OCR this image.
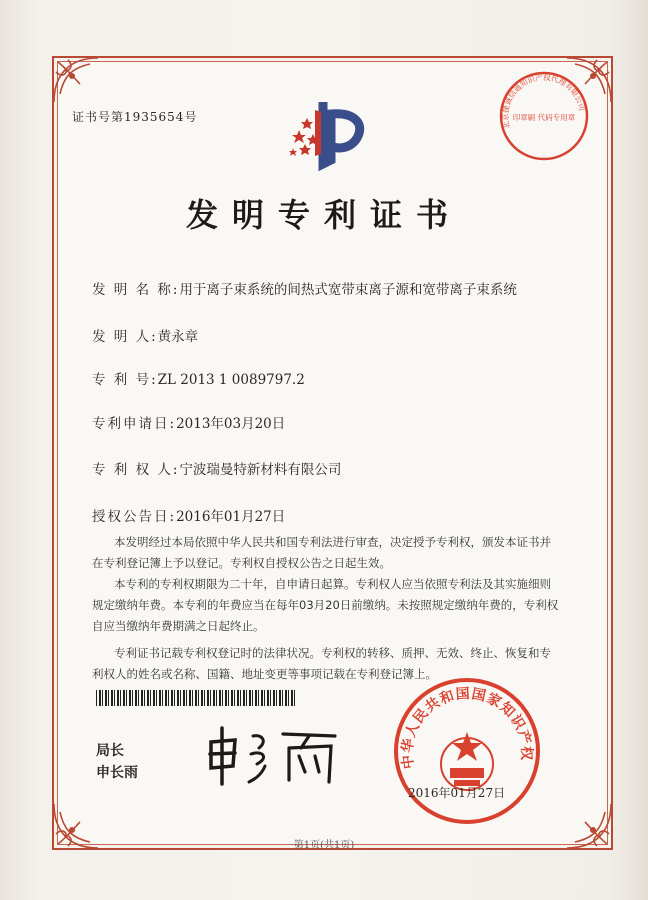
证书号第1935654号
发明专利证书
发 明 名 称:用于离子束系统的间热式宽带束离子源和宽带离子束系统
发 明 人:黄永章
专 利 号:ZL 2013 1 0089797.2
专利申请日:2013年03月20日
专 利 权 人:宁波瑞曼特新材料有限公司
授权公告日:2016年01月27日

本发明经过本局依照中华人民共和国专利法进行审查，决定授予专利权，颁发本证书并在专利登记簿上予以登记。专利权自授权公告之日起生效。

本专利的专利权期限为二十年，自申请日起算。专利权人应当依照专利法及其实施细则规定缴纳年费。本专利的年费应当在每年03月20日前缴纳。未按照规定缴纳年费的，专利权自应当缴纳年费期满之日起终止。

专利证书记载专利权登记时的法律状况。专利权的转移、质押、无效、终止、恢复和专利权人的姓名或名称、国籍、地址变更等事项记载在专利登记簿上。

局长
申长雨
中华人民共和国国家知识产权
北京捷诚信通知识产权代理有限公司
印章刷 代码专用章
2016年01月27日
第1页(共1页)
